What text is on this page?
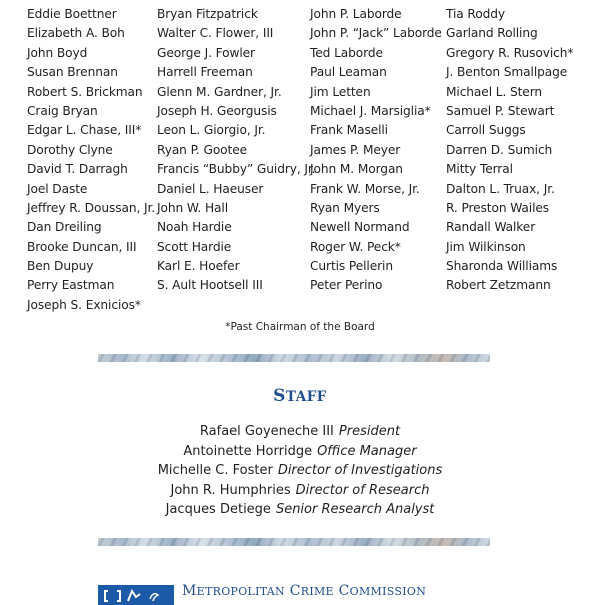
Eddie Boettner
Elizabeth A. Boh
John Boyd
Susan Brennan
Robert S. Brickman
Craig Bryan
Edgar L. Chase, III*
Dorothy Clyne
David T. Darragh
Joel Daste
Jeffrey R. Doussan, Jr.
Dan Dreiling
Brooke Duncan, III
Ben Dupuy
Perry Eastman
Joseph S. Exnicios*
Bryan Fitzpatrick
Walter C. Flower, III
George J. Fowler
Harrell Freeman
Glenn M. Gardner, Jr.
Joseph H. Georgusis
Leon L. Giorgio, Jr.
Ryan P. Gootee
Francis “Bubby” Guidry, Jr.
Daniel L. Haeuser
John W. Hall
Noah Hardie
Scott Hardie
Karl E. Hoefer
S. Ault Hootsell III
John P. Laborde
John P. “Jack” Laborde
Ted Laborde
Paul Leaman
Jim Letten
Michael J. Marsiglia*
Frank Maselli
James P. Meyer
John M. Morgan
Frank W. Morse, Jr.
Ryan Myers
Newell Normand
Roger W. Peck*
Curtis Pellerin
Peter Perino
Tia Roddy
Garland Rolling
Gregory R. Rusovich*
J. Benton Smallpage
Michael L. Stern
Samuel P. Stewart
Carroll Suggs
Darren D. Sumich
Mitty Terral
Dalton L. Truax, Jr.
R. Preston Wailes
Randall Walker
Jim Wilkinson
Sharonda Williams
Robert Zetzmann
*Past Chairman of the Board
STAFF
Rafael Goyeneche III President
Antoinette Horridge Office Manager
Michelle C. Foster Director of Investigations
John R. Humphries Director of Research
Jacques Detiege Senior Research Analyst
METROPOLITAN CRIME COMMISSION
